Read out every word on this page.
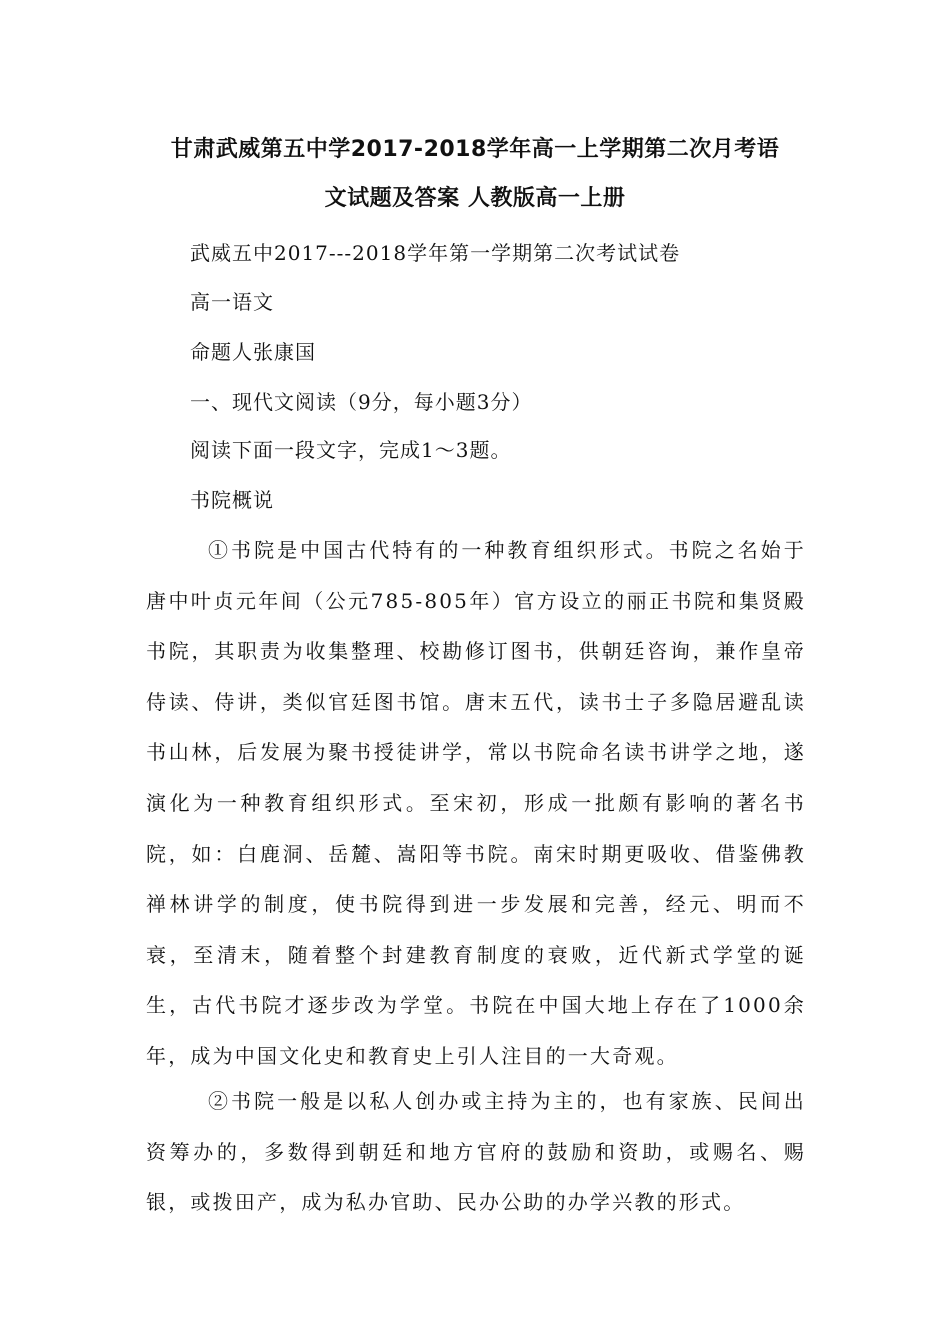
甘肃武威第五中学2017-2018学年高一上学期第二次月考语
文试题及答案 人教版高一上册
武威五中2017---2018学年第一学期第二次考试试卷
高一语文
命题人张康国
一、现代文阅读（9分，每小题3分）
阅读下面一段文字，完成1～3题。
书院概说

①书院是中国古代特有的一种教育组织形式。书院之名始于唐中叶贞元年间（公元785-805年）官方设立的丽正书院和集贤殿书院，其职责为收集整理、校勘修订图书，供朝廷咨询，兼作皇帝侍读、侍讲，类似官廷图书馆。唐末五代，读书士子多隐居避乱读书山林，后发展为聚书授徒讲学，常以书院命名读书讲学之地，遂演化为一种教育组织形式。至宋初，形成一批颇有影响的著名书院，如：白鹿洞、岳麓、嵩阳等书院。南宋时期更吸收、借鉴佛教禅林讲学的制度，使书院得到进一步发展和完善，经元、明而不衰，至清末，随着整个封建教育制度的衰败，近代新式学堂的诞生，古代书院才逐步改为学堂。书院在中国大地上存在了1000余年，成为中国文化史和教育史上引人注目的一大奇观。

②书院一般是以私人创办或主持为主的，也有家族、民间出资筹办的，多数得到朝廷和地方官府的鼓励和资助，或赐名、赐银，或拨田产，成为私办官助、民办公助的办学兴教的形式。
